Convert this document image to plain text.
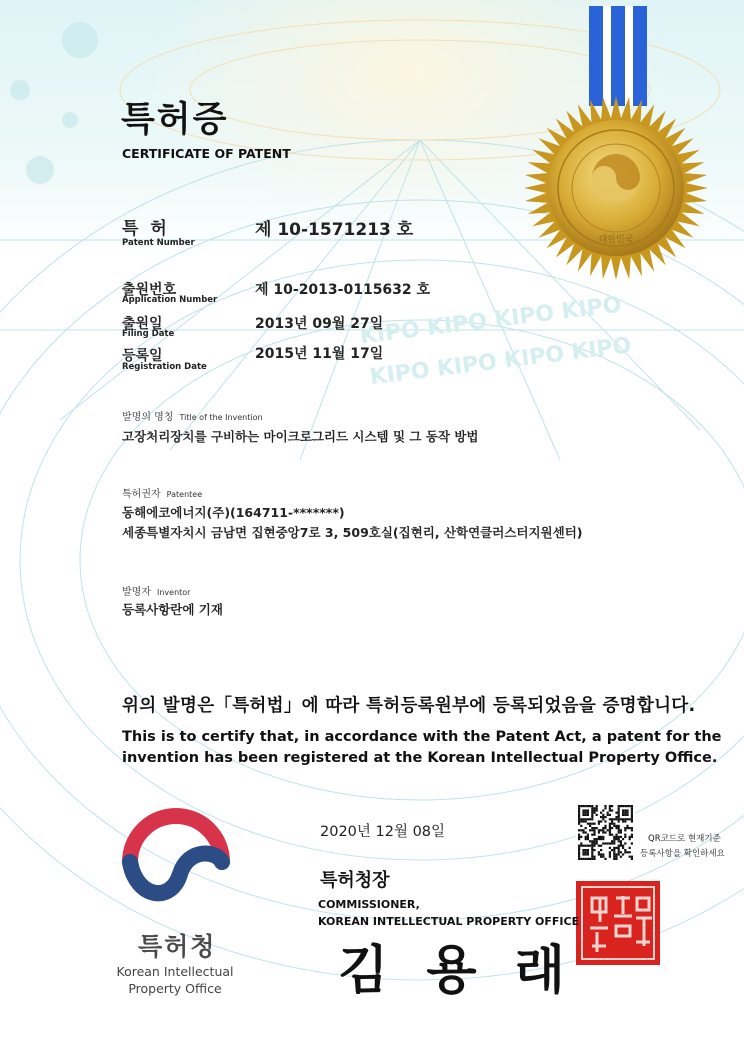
KIPO KIPO KIPO KIPO
KIPO KIPO KIPO KIPO
대한민국
특허증
CERTIFICATE OF PATENT
특 허
Patent Number
제 10-1571213 호
출원번호
Application Number
제 10-2013-0115632 호
출원일
Filing Date
2013년 09월 27일
등록일
Registration Date
2015년 11월 17일
발명의 명칭 Title of the Invention
고장처리장치를 구비하는 마이크로그리드 시스템 및 그 동작 방법
특허권자 Patentee
동해에코에너지(주)(164711-*******)
세종특별자치시 금남면 집현중앙7로 3, 509호실(집현리, 산학연클러스터지원센터)
발명자 Inventor
등록사항란에 기재
위의 발명은「특허법」에 따라 특허등록원부에 등록되었음을 증명합니다.
This is to certify that, in accordance with the Patent Act, a patent for the
invention has been registered at the Korean Intellectual Property Office.
2020년 12월 08일	QR코드로 현재기준
등록사항을 확인하세요
특허청장
COMMISSIONER,
KOREAN INTELLECTUAL PROPERTY OFFICE
김 용 래
특허청
Korean Intellectual
Property Office
